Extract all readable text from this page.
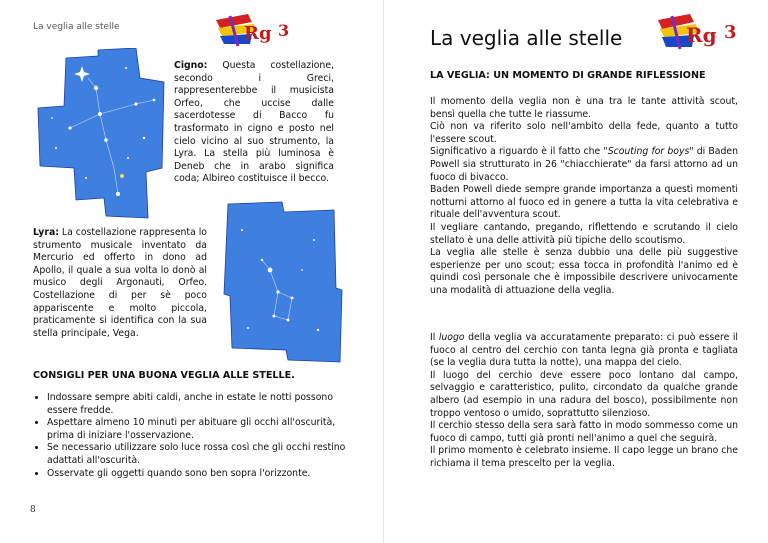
La veglia alle stelle	Rg 3
Cigno: Questa costellazione, secondo i Greci, rappresenterebbe il musicista Orfeo, che uccise dalle sacerdotesse di Bacco fu trasformato in cigno e posto nel cielo vicino al suo strumento, la Lyra. La stella più luminosa è Deneb che in arabo significa coda; Albireo costituisce il becco.
Lyra: La costellazione rappresenta lo strumento musicale inventato da Mercurio ed offerto in dono ad Apollo, il quale a sua volta lo donò al musico degli Argonauti, Orfeo. Costellazione di per sè poco appariscente e molto piccola, praticamente si identifica con la sua stella principale, Vega.
CONSIGLI PER UNA BUONA VEGLIA ALLE STELLE.
• Indossare sempre abiti caldi, anche in estate le notti possono essere fredde.
• Aspettare almeno 10 minuti per abituare gli occhi all'oscurità, prima di iniziare l'osservazione.
• Se necessario utilizzare solo luce rossa così che gli occhi restino adattati all'oscurità.
• Osservate gli oggetti quando sono ben sopra l'orizzonte.
8
La veglia alle stelle	Rg 3
LA VEGLIA: UN MOMENTO DI GRANDE RIFLESSIONE
Il momento della veglia non è una tra le tante attività scout, bensì quella che tutte le riassume.
Ciò non va riferito solo nell'ambito della fede, quanto a tutto l'essere scout.
Significativo a riguardo è il fatto che "Scouting for boys" di Baden Powell sia strutturato in 26 "chiacchierate" da farsi attorno ad un fuoco di bivacco.
Baden Powell diede sempre grande importanza a questi momenti notturni attorno al fuoco ed in genere a tutta la vita celebrativa e rituale dell'avventura scout.
Il vegliare cantando, pregando, riflettendo e scrutando il cielo stellato è una delle attività più tipiche dello scoutismo.
La veglia alle stelle è senza dubbio una delle più suggestive esperienze per uno scout; essa tocca in profondità l'animo ed è quindi così personale che è impossibile descrivere univocamente una modalità di attuazione della veglia.
Il luogo della veglia va accuratamente preparato: ci può essere il fuoco al centro del cerchio con tanta legna già pronta e tagliata (se la veglia dura tutta la notte), una mappa del cielo.
Il luogo del cerchio deve essere poco lontano dal campo, selvaggio e caratteristico, pulito, circondato da qualche grande albero (ad esempio in una radura del bosco), possibilmente non troppo ventoso o umido, soprattutto silenzioso.
Il cerchio stesso della sera sarà fatto in modo sommesso come un fuoco di campo, tutti già pronti nell'animo a quel che seguirà.
Il primo momento è celebrato insieme. Il capo legge un brano che richiama il tema prescelto per la veglia.
